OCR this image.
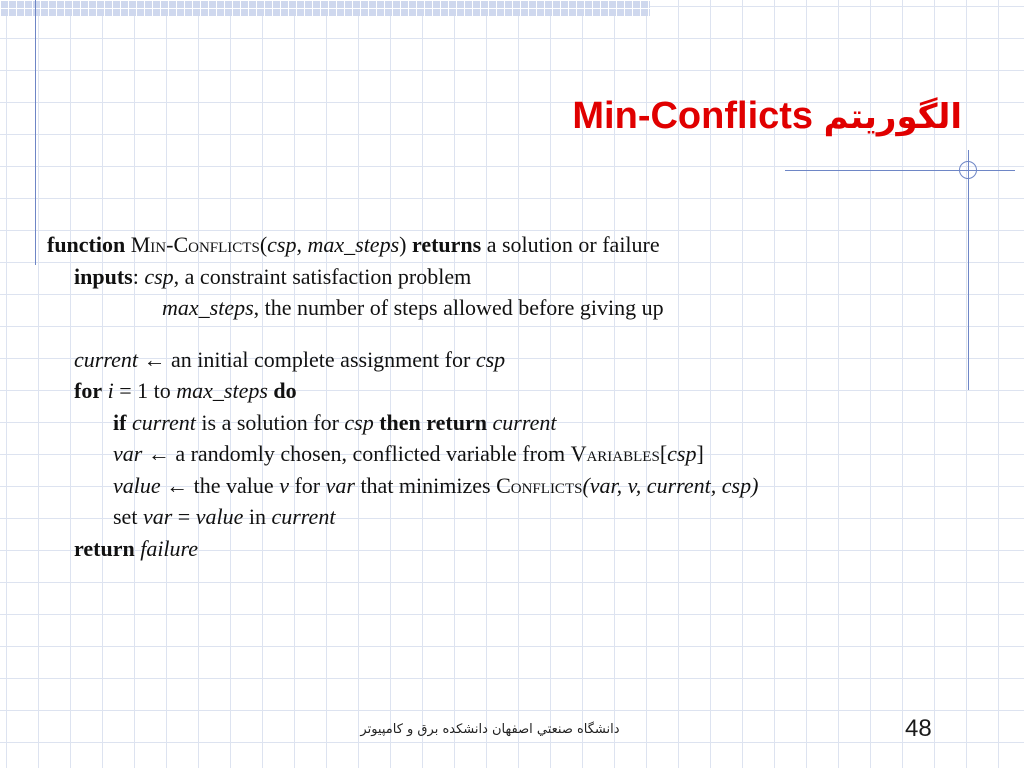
Min-Conflicts الگوريتم
function Min-Conflicts(csp, max_steps) returns a solution or failure
inputs: csp, a constraint satisfaction problem
max_steps, the number of steps allowed before giving up
current ← an initial complete assignment for csp
for i = 1 to max_steps do
if current is a solution for csp then return current
var ← a randomly chosen, conflicted variable from Variables[csp]
value ← the value v for var that minimizes Conflicts(var, v, current, csp)
set var = value in current
return failure
دانشگاه صنعتي اصفهان دانشکده برق و کامپيوتر	48
